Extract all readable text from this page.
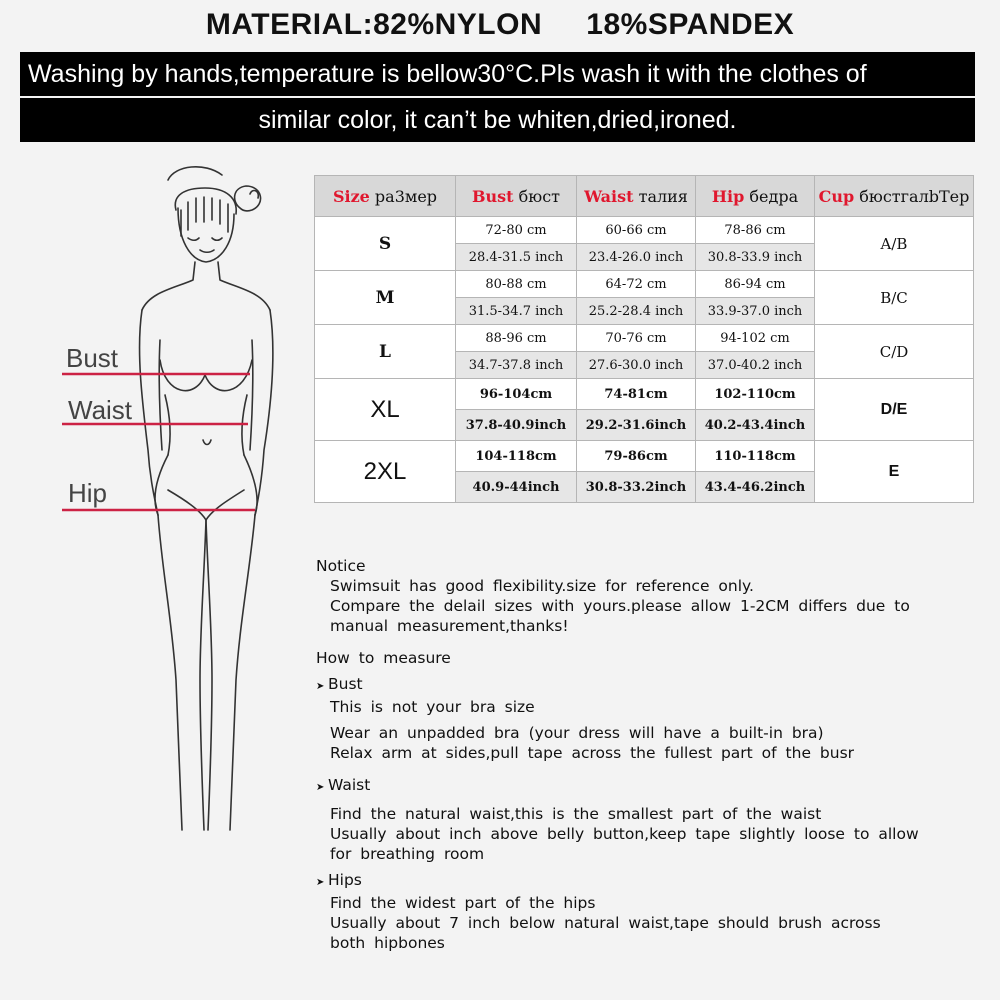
MATERIAL:82%NYLON     18%SPANDEX
Washing by hands,temperature is bellow30°C.Pls wash it with the clothes of
similar color, it can’t be whiten,dried,ironed.
Bust
Waist
Hip
Size ра3мер	Bust бюст	Waist талия	Hip бедра	Cup бюстгалbТер
S	72-80 cm	60-66 cm	78-86 cm	A/B
	28.4-31.5 inch	23.4-26.0 inch	30.8-33.9 inch	
M	80-88 cm	64-72 cm	86-94 cm	B/C
	31.5-34.7 inch	25.2-28.4 inch	33.9-37.0 inch	
L	88-96 cm	70-76 cm	94-102 cm	C/D
	34.7-37.8 inch	27.6-30.0 inch	37.0-40.2 inch	
XL	96-104cm	74-81cm	102-110cm	D/E
	37.8-40.9inch	29.2-31.6inch	40.2-43.4inch	
2XL	104-118cm	79-86cm	110-118cm	E
	40.9-44inch	30.8-33.2inch	43.4-46.2inch	

Notice

Swimsuit has good flexibility.size for reference only.

Compare the delail sizes with yours.please allow 1-2CM differs due to

manual measurement,thanks!

How to measure

➤ Bust

This is not your bra size

Wear an unpadded bra (your dress will have a built-in bra)

Relax arm at sides,pull tape across the fullest part of the busr

➤ Waist

Find the natural waist,this is the smallest part of the waist

Usually about inch above belly button,keep tape slightly loose to allow

for breathing room

➤ Hips

Find the widest part of the hips

Usually about 7 inch below natural waist,tape should brush across

both hipbones
